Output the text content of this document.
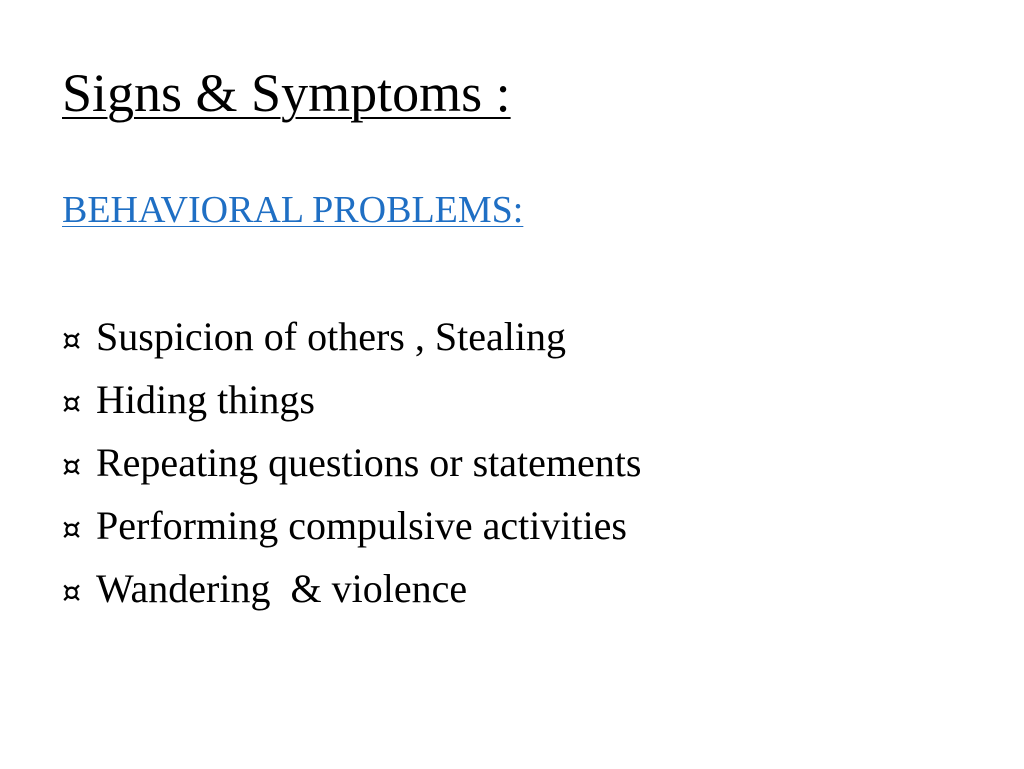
Signs & Symptoms :
BEHAVIORAL PROBLEMS:
¤ Suspicion of others , Stealing
¤ Hiding things
¤ Repeating questions or statements
¤ Performing compulsive activities
¤ Wandering  & violence
